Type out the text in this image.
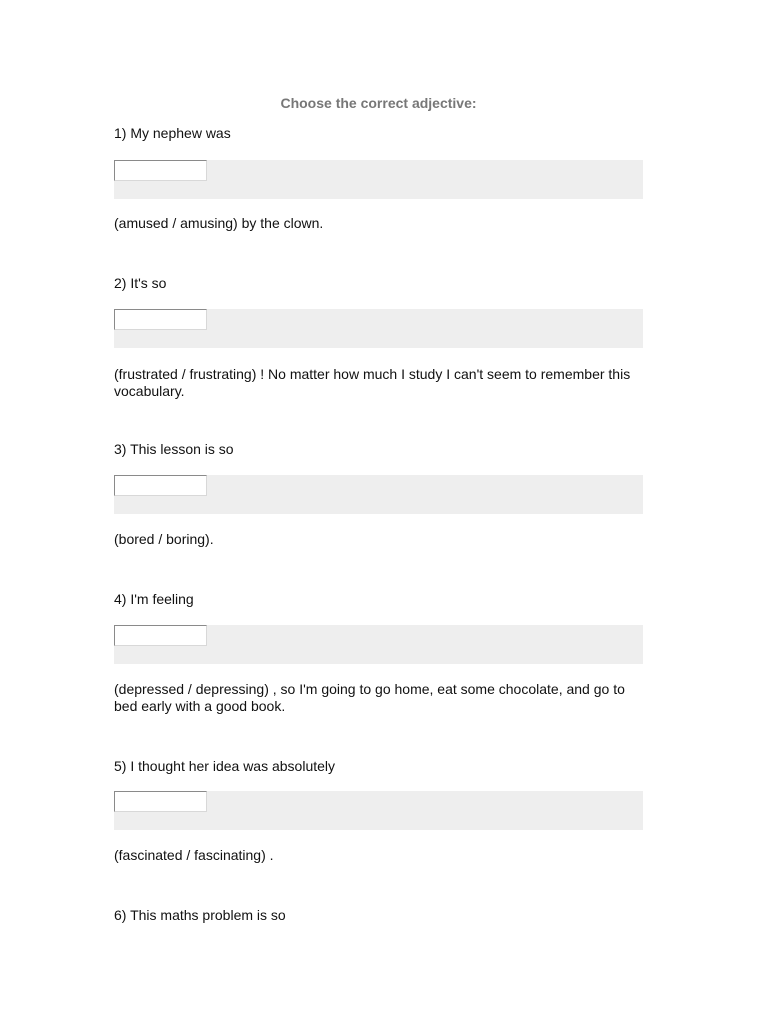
Choose the correct adjective:
1) My nephew was
(amused / amusing) by the clown.
2) It's so
(frustrated / frustrating) ! No matter how much I study I can't seem to remember this vocabulary.
3) This lesson is so
(bored / boring).
4) I'm feeling
(depressed / depressing) , so I'm going to go home, eat some chocolate, and go to bed early with a good book.
5) I thought her idea was absolutely
(fascinated / fascinating) .
6) This maths problem is so
